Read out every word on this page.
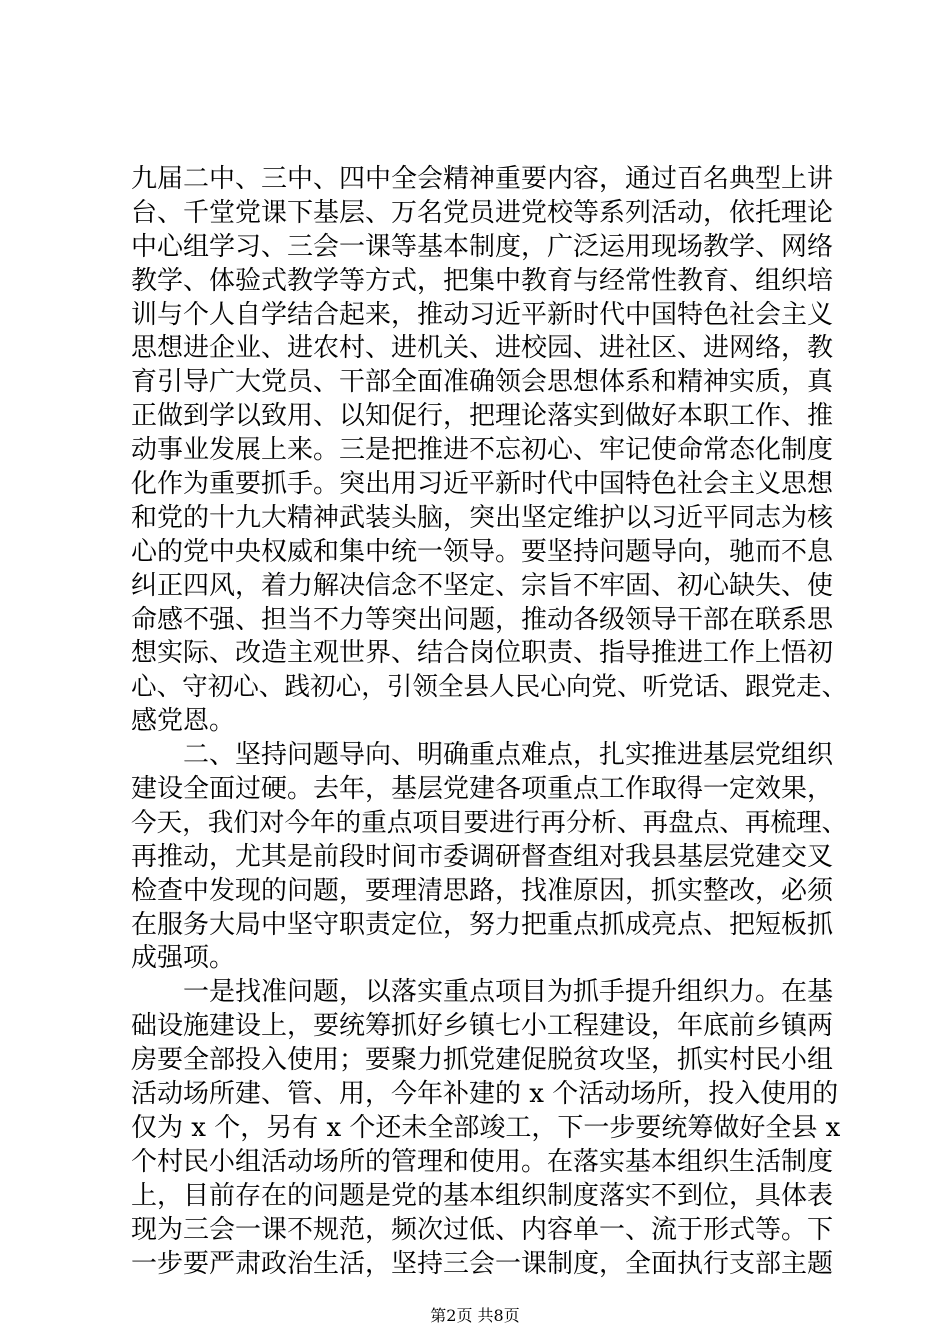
九届二中、三中、四中全会精神重要内容，通过百名典型上讲
台、千堂党课下基层、万名党员进党校等系列活动，依托理论
中心组学习、三会一课等基本制度，广泛运用现场教学、网络
教学、体验式教学等方式，把集中教育与经常性教育、组织培
训与个人自学结合起来，推动习近平新时代中国特色社会主义
思想进企业、进农村、进机关、进校园、进社区、进网络，教
育引导广大党员、干部全面准确领会思想体系和精神实质，真
正做到学以致用、以知促行，把理论落实到做好本职工作、推
动事业发展上来。三是把推进不忘初心、牢记使命常态化制度
化作为重要抓手。突出用习近平新时代中国特色社会主义思想
和党的十九大精神武装头脑，突出坚定维护以习近平同志为核
心的党中央权威和集中统一领导。要坚持问题导向，驰而不息
纠正四风，着力解决信念不坚定、宗旨不牢固、初心缺失、使
命感不强、担当不力等突出问题，推动各级领导干部在联系思
想实际、改造主观世界、结合岗位职责、指导推进工作上悟初
心、守初心、践初心，引领全县人民心向党、听党话、跟党走、
感党恩。
　　二、坚持问题导向、明确重点难点，扎实推进基层党组织
建设全面过硬。去年，基层党建各项重点工作取得一定效果，
今天，我们对今年的重点项目要进行再分析、再盘点、再梳理、
再推动，尤其是前段时间市委调研督查组对我县基层党建交叉
检查中发现的问题，要理清思路，找准原因，抓实整改，必须
在服务大局中坚守职责定位，努力把重点抓成亮点、把短板抓
成强项。
　　一是找准问题，以落实重点项目为抓手提升组织力。在基
础设施建设上，要统筹抓好乡镇七小工程建设，年底前乡镇两
房要全部投入使用；要聚力抓党建促脱贫攻坚，抓实村民小组
活动场所建、管、用，今年补建的 x 个活动场所，投入使用的
仅为 x 个，另有 x 个还未全部竣工，下一步要统筹做好全县 x
个村民小组活动场所的管理和使用。在落实基本组织生活制度
上，目前存在的问题是党的基本组织制度落实不到位，具体表
现为三会一课不规范，频次过低、内容单一、流于形式等。下
一步要严肃政治生活，坚持三会一课制度，全面执行支部主题
第2页 共8页
